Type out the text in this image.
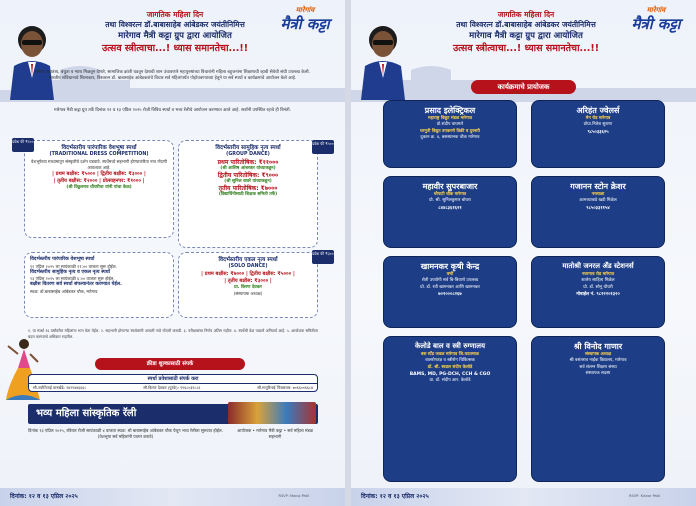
जागतिक महिला दिन
तथा विश्वरत्न डॉ.बाबासाहेब आंबेडकर जयंतीनिमित्त
मारेगाव मैत्री कट्टा ग्रुप द्वारा आयोजित
उत्सव स्त्रीत्वाचा...! ध्यास समानतेचा...!!
मारेगांव
मैत्री कट्टा
समता, स्वातंत्र्य, बंधुता व न्याय मिळवून देणारे, सामाजिक क्रांती घडवून देशाची शान उंचावणारे महापुरुषांच्या विचारांनी महिला बहुजनांना शिक्षणाची व्हावी सेवेची संधी उपलब्ध केली. भारतीय संविधानाचे शिल्पकार, विश्वरत्न डॉ. बाबासाहेब आंबेडकरांचे विचार सर्व महिलांपर्यंत पोहोचवण्याच्या हेतूने या सर्व स्पर्धा व कार्यक्रमांचे आयोजन केले आहे.
मारेगाव मैत्री कट्टा ग्रुप तर्फे दिनांक १२ व १३ एप्रिल २०२५ रोजी विविध स्पर्धा व भव्य रॅलीचे आयोजन करण्यात आले आहे. सर्वांनी उपस्थित रहावे ही विनंती.
विदर्भस्तरीय पारंपारिक वेशभूषा स्पर्धा
(TRADITIONAL DRESS COMPETITION)
वेशभूषेच्या माध्यमातून संस्कृतीचे दर्शन घडवावे. स्पर्धेमध्ये सहभागी होण्याकरिता नाव नोंदणी आवश्यक आहे.
| प्रथम बक्षीस: ₹५००० | द्वितीय बक्षीस: ₹३००० |
| तृतीय बक्षीस: ₹२००० | प्रोत्साहनपर: ₹१००० |
(श्री विठ्ठलराव चौधरीचा यांनी पांचा केळ)
प्रवेश फी ₹१००
विदर्भस्तरीय सामुहिक नृत्य स्पर्धा
(GROUP DANCE)
प्रथम पारितोषिक: ₹११०००
(श्री आशिष आंबरकर यांच्याकडून)
द्वितीय पारितोषिक: ₹९०००
(श्री सुनिल वावरे यांच्याकडून)
तृतीय पारितोषिक: ₹७०००
(विद्यार्थिनीसाठी शिक्षक समिती तर्फे)
प्रवेश फी ₹५००
विदर्भस्तरीय पारंपारिक वेशभूषा स्पर्धा
१२ एप्रिल २०२५ ला सायंकाळी ११:०० वाजता सुरू होईल.
विदर्भस्तरीय सामुहिक नृत्य व एकल नृत्य स्पर्धा
१३ एप्रिल २०२५ ला सायंकाळी ६:०० वाजता सुरू होईल.
बक्षीस वितरण सर्व स्पर्धा संपल्यानंतर करण्यात येईल.
स्थळ: डॉ.बाबासाहेब आंबेडकर चौक, मारेगाव
विदर्भस्तरीय एकल नृत्य स्पर्धा
(SOLO DANCE)
| प्रथम बक्षीस: ₹७००० | द्वितीय बक्षीस: ₹५००० |
| तृतीय बक्षीस: ₹३००० |
प्रा. किरण देवकर
(संस्थापक अध्यक्ष)
प्रवेश फी ₹३००
१. या स्पर्धा १६ वर्षांवरील महिलांना भाग घेता येईल. २. सहभागी होणाऱ्या स्पर्धकांनी आपली नावे नोंदणी करावी. ३. परीक्षकांचा निर्णय अंतिम राहील. ४. स्पर्धेची वेळ पाळणे अनिवार्य आहे. ५. आयोजक समितीला बदल करण्याचे अधिकार राहतील.
क्रीडा शुल्कासाठी संपर्क
स्पर्धा प्रवेशासाठी संपर्क करा
सौ.ज्योतिताई वानखेडे: ९४२१४४६६६८	सौ.किरण देवकर (पुरके): ९१६८०३१८८६	सौ.मायुरिताई पिंजलवार: ७०६६००६६८४
भव्य महिला सांस्कृतिक रॅली
दिनांक १३ एप्रिल २०२५, रविवार रोजी सायंकाळी ४ वाजता स्थळ: श्री बाबासाहेब आंबेडकर चौक येथून भव्य रॅलीला सुरुवात होईल. (वेशभूषा सर्व महिलांनी पालन करावे)
आयोजक • मारेगाव मैत्री कट्टा • सर्व महिला मंडळ सहभागी
दिनांक: १२ व १३ एप्रिल २०२५	RSVP: Manoj Patil
जागतिक महिला दिन
तथा विश्वरत्न डॉ.बाबासाहेब आंबेडकर जयंतीनिमित्त
मारेगाव मैत्री कट्टा ग्रुप द्वारा आयोजित
उत्सव स्त्रीत्वाचा...! ध्यास समानतेचा...!!
मारेगांव
मैत्री कट्टा
कार्यक्रमाचे प्रायोजक
प्रसाद इलेक्ट्रिकल
महाराष्ट्र विद्युत मंडळ मारेगाव
प्रो.संदीप वाघमारे
घरगुती विद्युत उपकरणे विक्री व दुरुस्ती
दुकान क्र. ४, बसस्थानक चौक मारेगाव
अरिहंत ज्वेलर्स
मेन रोड मारेगाव
प्रोप्रा.नितेश सुराणा
९८५०३३६२५
महावीर सुपरबाजार
चौपाटी चौक मारेगाव
प्रो. श्री. सुनिलकुमार बोथरा
८४४८३६१६२१
गजानन स्टोन क्रेशर
नरसाळा
आमच्याकडे खडी मिळेल
९८५०३३११५४
खामनकर कृषी केन्द्र
वणी
शेती उपयोगी सर्व बि-बियाणे उपलब्ध
प्रो. डॉ. रवी खामनकर आणि खामनकर
७०२०००८२६७
मातोश्री जनरल अँड स्टेशनर्स
नवरगाव रोड मारेगाव
शालेय साहित्य मिळेल
प्रो. डॉ. सोनू चौधरी
मोबाईल नं. ९८२२२०१३२०
केलोडे बाल व स्त्री रुग्णालय
बस स्टँड जवळ मारेगाव जि.यवतमाळ
बालरोगतज्ञ व स्त्रीरोग चिकित्सक
डॉ. श्री. स्वप्नल संदीप केलोडे
BAMS, MD, PG-DCH, CCH & CGO
प्रा. डॉ. संदीप आर. केलोडे
श्री विनोद गाणार
संस्थापक अध्यक्ष
श्री वसंतराव नाईक विद्यालय, मारेगाव
सर्व संलग्न शिक्षण संस्था
संस्थापक सदस्य
दिनांक: १२ व १३ एप्रिल २०२५	RSVP: Kishor Patil
